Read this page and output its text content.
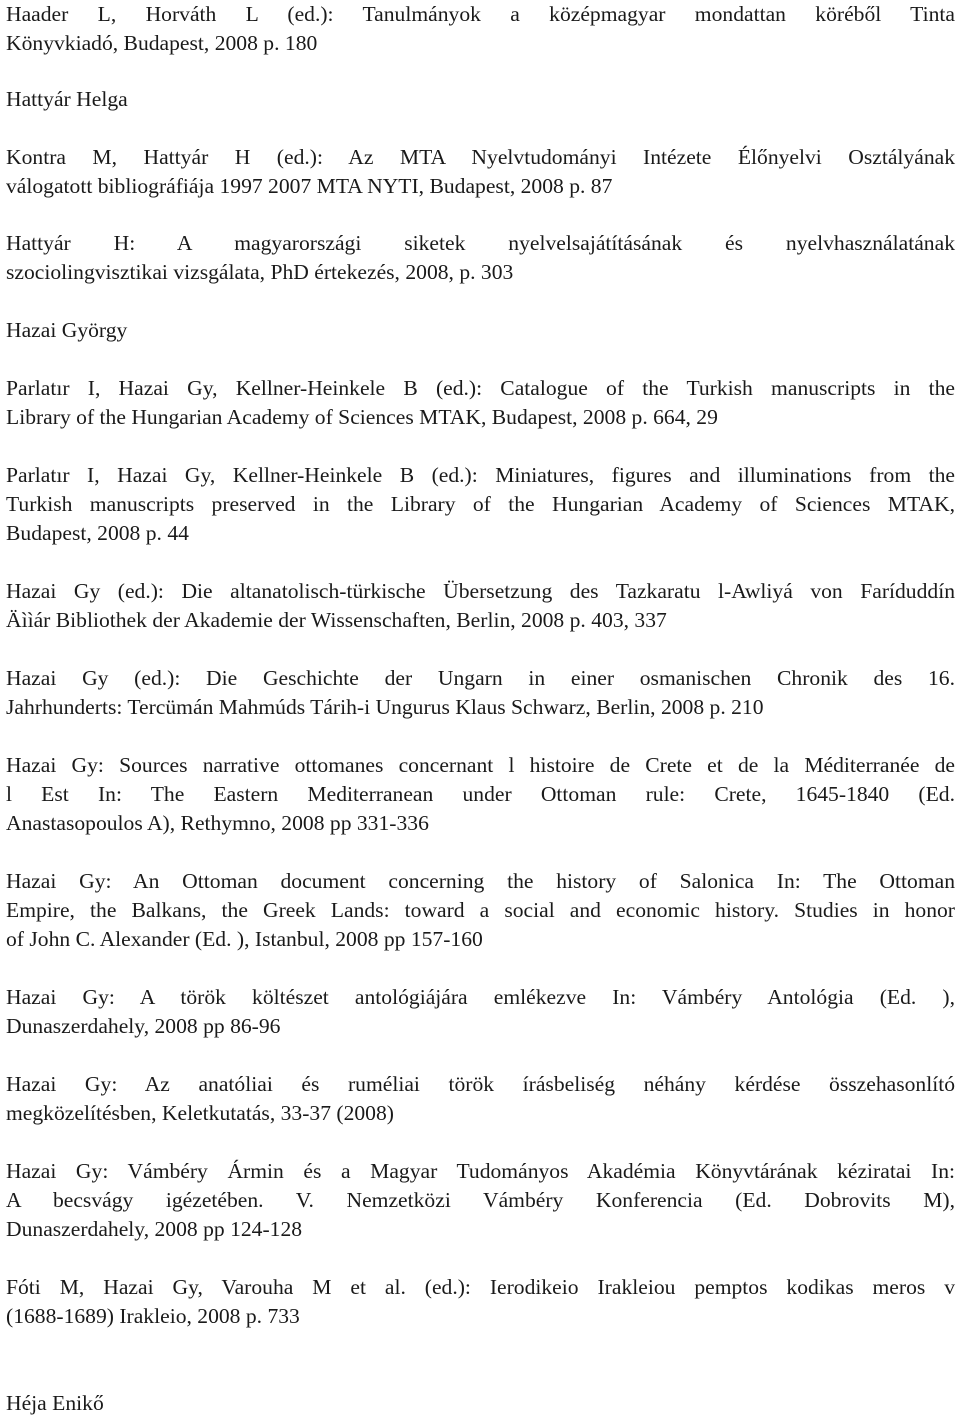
Haader L, Horváth L (ed.): Tanulmányok a középmagyar mondattan köréből Tinta
Könyvkiadó, Budapest, 2008 p. 180
Hattyár Helga
Kontra M, Hattyár H (ed.): Az MTA Nyelvtudományi Intézete Élőnyelvi Osztályának
válogatott bibliográfiája 1997 2007 MTA NYTI, Budapest, 2008 p. 87
Hattyár H: A magyarországi siketek nyelvelsajátításának és nyelvhasználatának
szociolingvisztikai vizsgálata, PhD értekezés, 2008, p. 303
Hazai György
Parlatır I, Hazai Gy, Kellner-Heinkele B (ed.): Catalogue of the Turkish manuscripts in the
Library of the Hungarian Academy of Sciences MTAK, Budapest, 2008 p. 664, 29
Parlatır I, Hazai Gy, Kellner-Heinkele B (ed.): Miniatures, figures and illuminations from the
Turkish manuscripts preserved in the Library of the Hungarian Academy of Sciences MTAK,
Budapest, 2008 p. 44
Hazai Gy (ed.): Die altanatolisch-türkische Übersetzung des Tazkaratu l-Awliyá von Faríduddín
Äììár Bibliothek der Akademie der Wissenschaften, Berlin, 2008 p. 403, 337
Hazai Gy (ed.): Die Geschichte der Ungarn in einer osmanischen Chronik des 16.
Jahrhunderts: Tercümán Mahmúds Tárih-i Ungurus Klaus Schwarz, Berlin, 2008 p. 210
Hazai Gy: Sources narrative ottomanes concernant l histoire de Crete et de la Méditerranée de
l Est In: The Eastern Mediterranean under Ottoman rule: Crete, 1645-1840 (Ed.
Anastasopoulos A), Rethymno, 2008 pp 331-336
Hazai Gy: An Ottoman document concerning the history of Salonica In: The Ottoman
Empire, the Balkans, the Greek Lands: toward a social and economic history. Studies in honor
of John C. Alexander (Ed. ), Istanbul, 2008 pp 157-160
Hazai Gy: A török költészet antológiájára emlékezve In: Vámbéry Antológia (Ed. ),
Dunaszerdahely, 2008 pp 86-96
Hazai Gy: Az anatóliai és ruméliai török írásbeliség néhány kérdése összehasonlító
megközelítésben, Keletkutatás, 33-37 (2008)
Hazai Gy: Vámbéry Ármin és a Magyar Tudományos Akadémia Könyvtárának kéziratai In:
A becsvágy igézetében. V. Nemzetközi Vámbéry Konferencia (Ed. Dobrovits M),
Dunaszerdahely, 2008 pp 124-128
Fóti M, Hazai Gy, Varouha M et al. (ed.): Ierodikeio Irakleiou pemptos kodikas meros v
(1688-1689) Irakleio, 2008 p. 733
Héja Enikő
